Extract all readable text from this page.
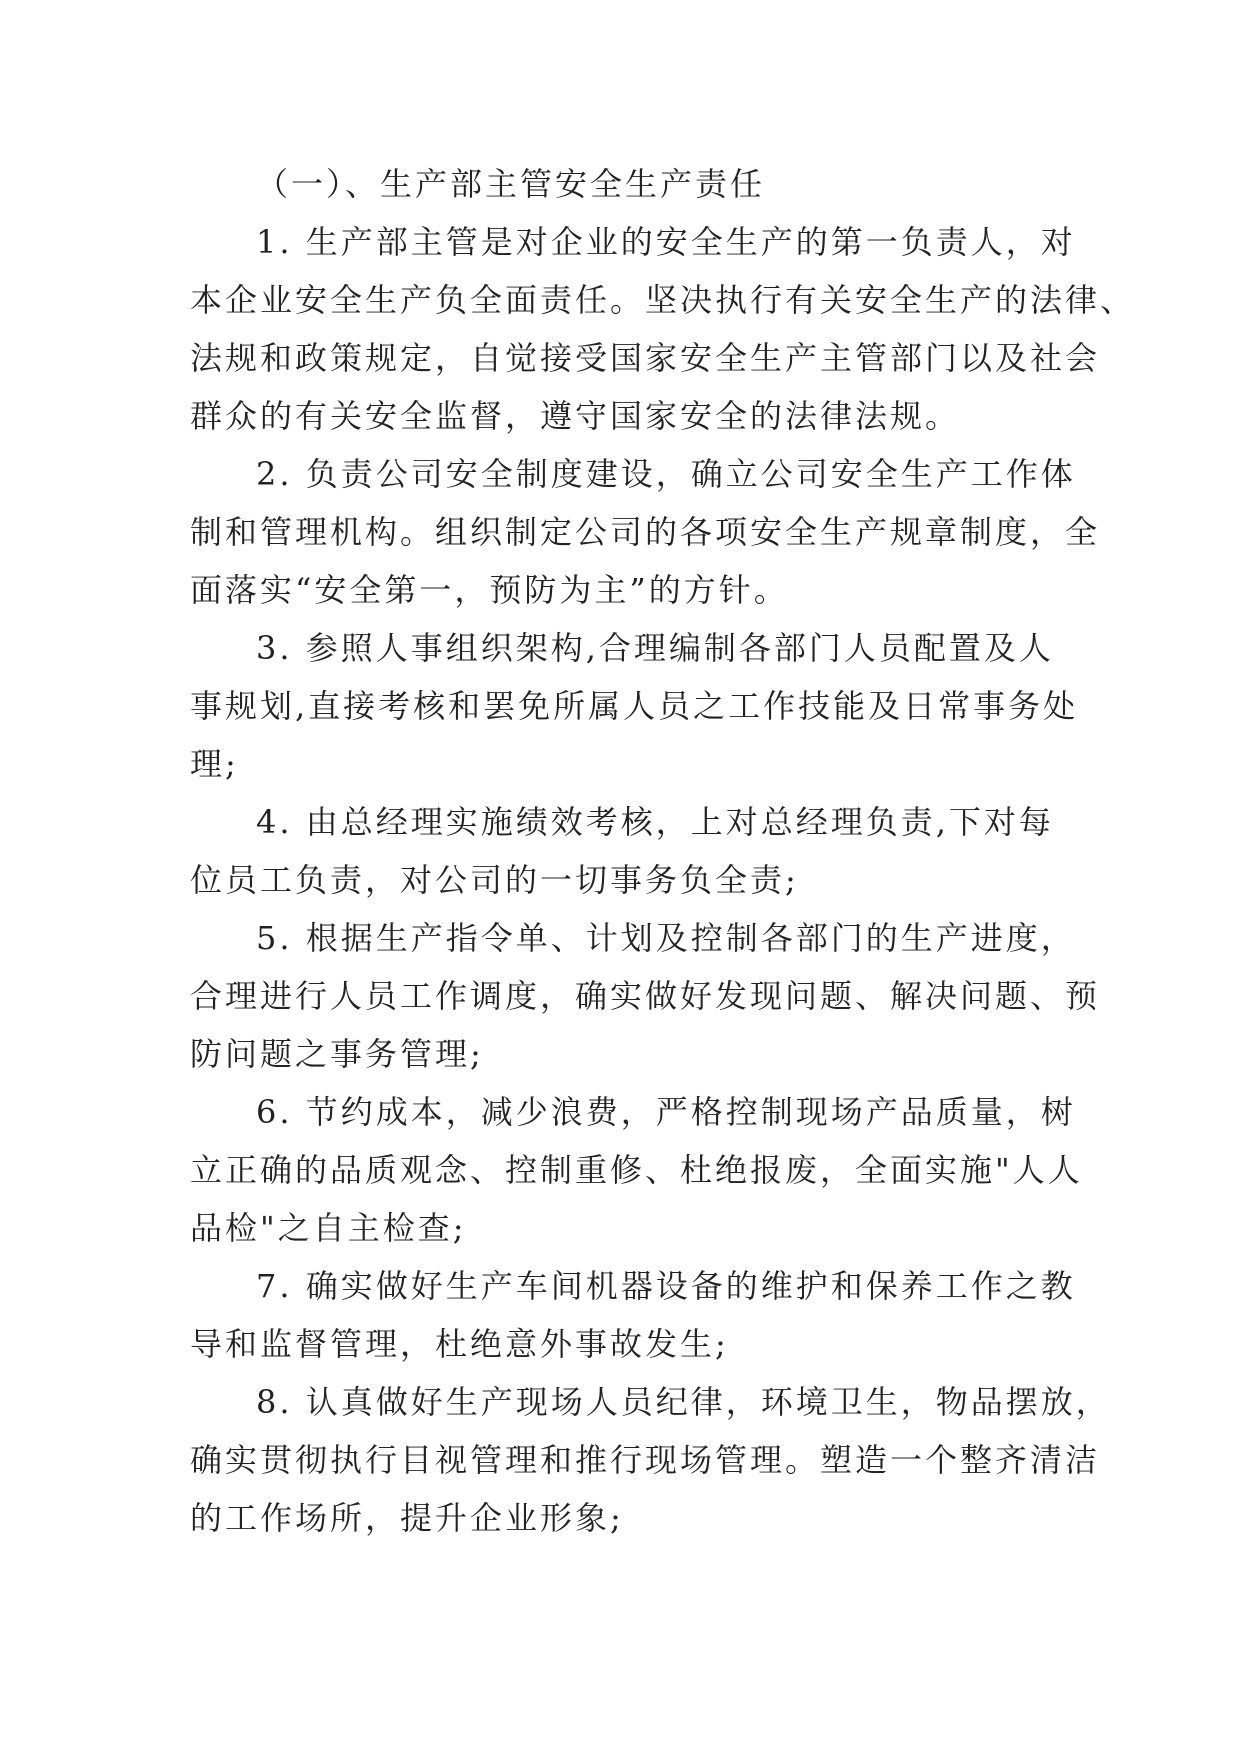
（一）、生产部主管安全生产责任
1. 生产部主管是对企业的安全生产的第一负责人，对
本企业安全生产负全面责任。坚决执行有关安全生产的法律、
法规和政策规定，自觉接受国家安全生产主管部门以及社会
群众的有关安全监督，遵守国家安全的法律法规。
2. 负责公司安全制度建设，确立公司安全生产工作体
制和管理机构。组织制定公司的各项安全生产规章制度，全
面落实“安全第一，预防为主”的方针。
3. 参照人事组织架构,合理编制各部门人员配置及人
事规划,直接考核和罢免所属人员之工作技能及日常事务处
理;
4. 由总经理实施绩效考核，上对总经理负责,下对每
位员工负责，对公司的一切事务负全责;
5. 根据生产指令单、计划及控制各部门的生产进度，
合理进行人员工作调度，确实做好发现问题、解决问题、预
防问题之事务管理;
6. 节约成本，减少浪费，严格控制现场产品质量，树
立正确的品质观念、控制重修、杜绝报废，全面实施"人人
品检"之自主检查;
7. 确实做好生产车间机器设备的维护和保养工作之教
导和监督管理，杜绝意外事故发生;
8. 认真做好生产现场人员纪律，环境卫生，物品摆放，
确实贯彻执行目视管理和推行现场管理。塑造一个整齐清洁
的工作场所，提升企业形象;
